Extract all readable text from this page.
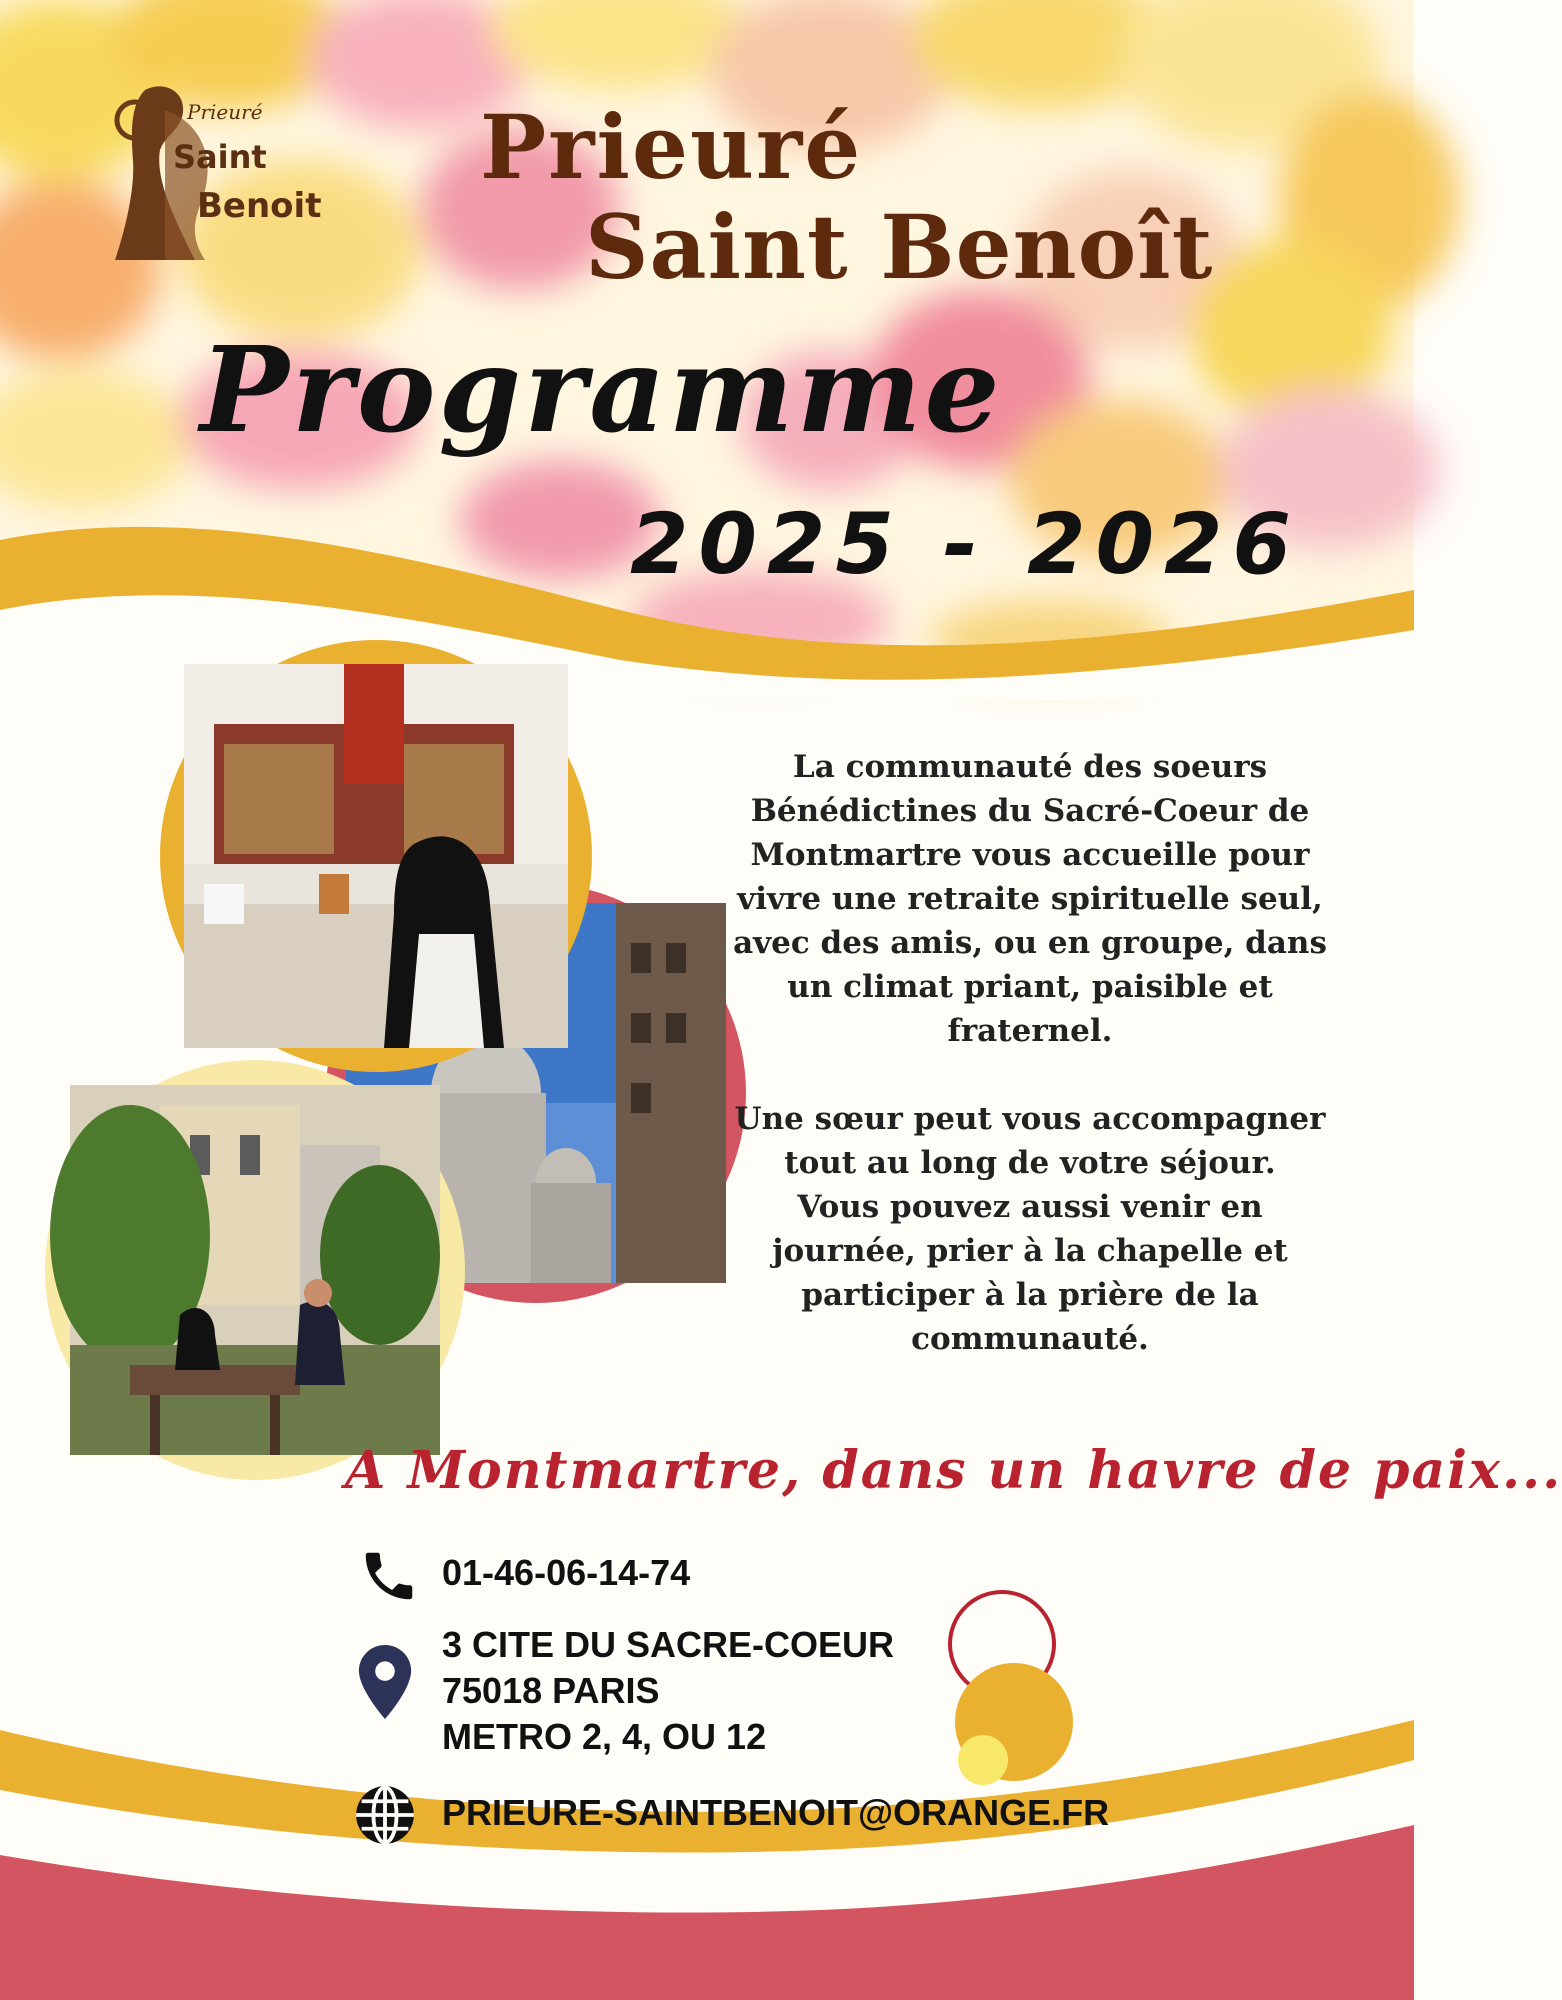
Prieuré
Saint
Benoit
Prieuré
Saint Benoît
Programme
2025 - 2026

La communauté des soeurs Bénédictines du Sacré-Coeur de Montmartre vous accueille pour vivre une retraite spirituelle seul, avec des amis, ou en groupe, dans un climat priant, paisible et fraternel.

Une sœur peut vous accompagner tout au long de votre séjour.

Vous pouvez aussi venir en journée, prier à la chapelle et participer à la prière de la communauté.

A Montmartre, dans un havre de paix...
01-46-06-14-74
3 CITE DU SACRE-COEUR
75018 PARIS
METRO 2, 4, OU 12
PRIEURE-SAINTBENOIT@ORANGE.FR
